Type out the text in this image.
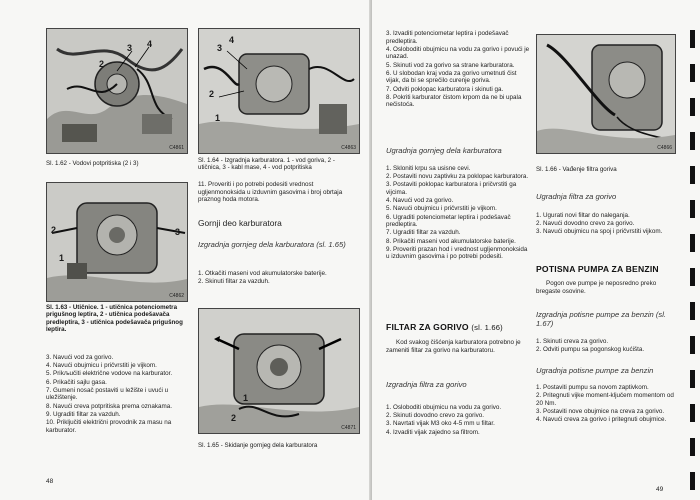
2
3 4
C4861
Sl. 1.62 - Vodovi potpritiska (2 i 3)
1
2
3
4
C4863
Sl. 1.64 - Izgradnja karburatora. 1 - vod goriva, 2 - utičnica, 3 - kabl mase, 4 - vod potpritiska
1
2	3
C4862
Sl. 1.63 - Utičnice. 1 - utičnica potenciometra prigušnog leptira, 2 - utičnica podešavača predleptira, 3 - utičnica podešavača prigušnog leptira.

11. Proveriti i po potrebi podesiti vrednost ugljenmonoksida u izduvnim gasovima i broj obrtaja praznog hoda motora.

Gornji deo karburatora
Izgradnja gornjeg dela karburatora (sl. 1.65)
1. Otkačiti maseni vod akumulatorske baterije.
2. Skinuti filtar za vazduh.
1
2
C4871
Sl. 1.65 - Skidanje gornjeg dela karburatora
3. Navući vod za gorivo.
4. Navući obujmicu i pričvrstiti je vijkom.
5. Prikљučiti električne vodove na karburator.
6. Prikačiti sajlu gasa.
7. Gumeni nosač postaviti u ležište i uvući u uležištenje.
8. Navući creva potpritiska prema oznakama.
9. Ugraditi filtar za vazduh.
10. Priključiti električni provodnik za masu na karburator.
48
3. Izvaditi potenciometar leptira i podešavač predleptira.
4. Osloboditi obujmicu na vodu za gorivo i povući je unazad.
5. Skinuti vod za gorivo sa strane karburatora.
6. U slobodan kraj voda za gorivo umetnuti čist vijak, da bi se sprečilo curenje goriva.
7. Odviti poklopac karburatora i skinuti ga.
8. Pokriti karburator čistom krpom da ne bi upala nečistoća.
Ugradnja gornjeg dela karburatora
1. Skloniti krpu sa usisne cevi.
2. Postaviti novu zaptivku za poklopac karburatora.
3. Postaviti poklopac karburatora i pričvrstiti ga vijcima.
4. Navući vod za gorivo.
5. Navući obujmicu i pričvrstiti je vijkom.
6. Ugraditi potenciometar leptira i podešavač predleptira.
7. Ugraditi filtar za vazduh.
8. Prikačiti maseni vod akumulatorske baterije.
9. Proveriti prazan hod i vrednost ugljenmonoksida u izduvnim gasovima i po potrebi podesiti.
FILTAR ZA GORIVO (sl. 1.66)

Kod svakog čišćenja karburatora potrebno je zameniti filtar za gorivo na karburatoru.

Izgradnja filtra za gorivo
1. Osloboditi obujmicu na vodu za gorivo.
2. Skinuti dovodno crevo za gorivo.
3. Navrtati vijak M3 oko 4-5 mm u filtar.
4. Izvaditi vijak zajedno sa filtrom.
C4866
Sl. 1.66 - Vađenje filtra goriva
Ugradnja filtra za gorivo
1. Ugurati novi filtar do naleganja.
2. Navući dovodno crevo za gorivo.
3. Navući obujmicu na spoj i pričvrstiti vijkom.
POTISNA PUMPA ZA BENZIN

Pogon ove pumpe je neposredno preko bregaste osovine.

Izgradnja potisne pumpe za benzin (sl. 1.67)
1. Skinuti creva za gorivo.
2. Odviti pumpu sa pogonskog kućišta.
Ugradnja potisne pumpe za benzin
1. Postaviti pumpu sa novom zaptivkom.
2. Pritegnuti vijke moment-ključem momentom od 20 Nm.
3. Postaviti nove obujmice na creva za gorivo.
4. Navući creva za gorivo i pritegnuti obujmice.
49
